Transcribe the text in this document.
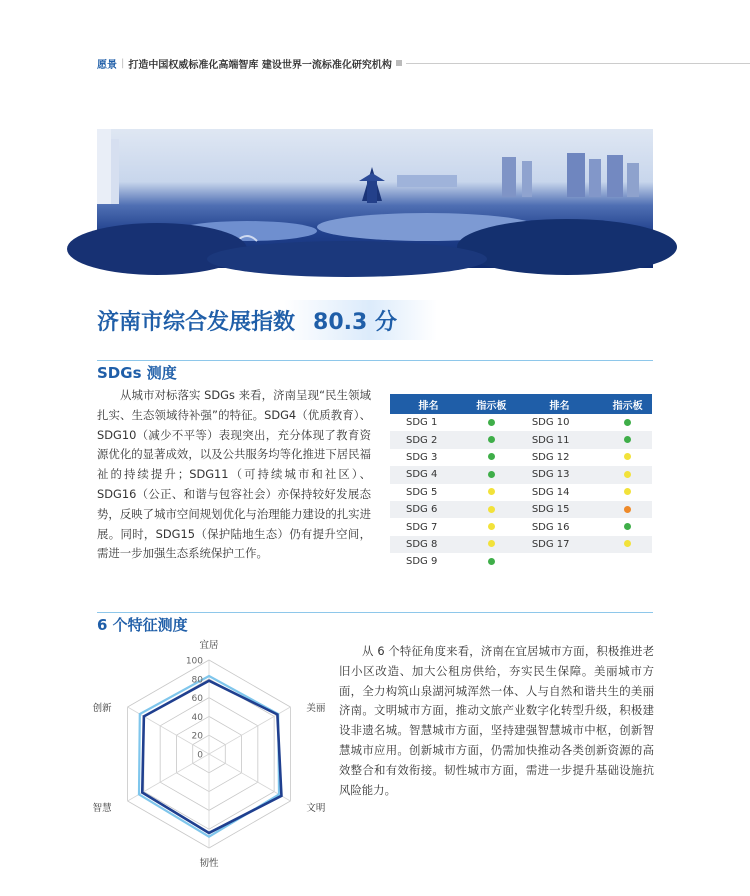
愿景 | 打造中国权威标准化高端智库 建设世界一流标准化研究机构
济南市综合发展指数 80.3 分
SDGs 测度
从城市对标落实 SDGs 来看，济南呈现“民生领域扎实、生态领域待补强”的特征。SDG4（优质教育）、SDG10（减少不平等）表现突出，充分体现了教育资源优化的显著成效，以及公共服务均等化推进下居民福祉的持续提升；SDG11（可持续城市和社区）、SDG16（公正、和谐与包容社会）亦保持较好发展态势，反映了城市空间规划优化与治理能力建设的扎实进展。同时，SDG15（保护陆地生态）仍有提升空间，需进一步加强生态系统保护工作。
排名	指示板	排名	指示板
SDG 1		SDG 10	
SDG 2		SDG 11	
SDG 3		SDG 12	
SDG 4		SDG 13	
SDG 5		SDG 14	
SDG 6		SDG 15	
SDG 7		SDG 16	
SDG 8		SDG 17	
SDG 9			
6 个特征测度
从 6 个特征角度来看，济南在宜居城市方面，积极推进老旧小区改造、加大公租房供给，夯实民生保障。美丽城市方面，全力构筑山泉湖河城浑然一体、人与自然和谐共生的美丽济南。文明城市方面，推动文旅产业数字化转型升级，积极建设非遗名城。智慧城市方面，坚持建强智慧城市中枢，创新智慧城市应用。创新城市方面，仍需加快推动各类创新资源的高效整合和有效衔接。韧性城市方面，需进一步提升基础设施抗风险能力。
0
20
40
60
80
100
宜居
美丽
文明
韧性
智慧
创新
